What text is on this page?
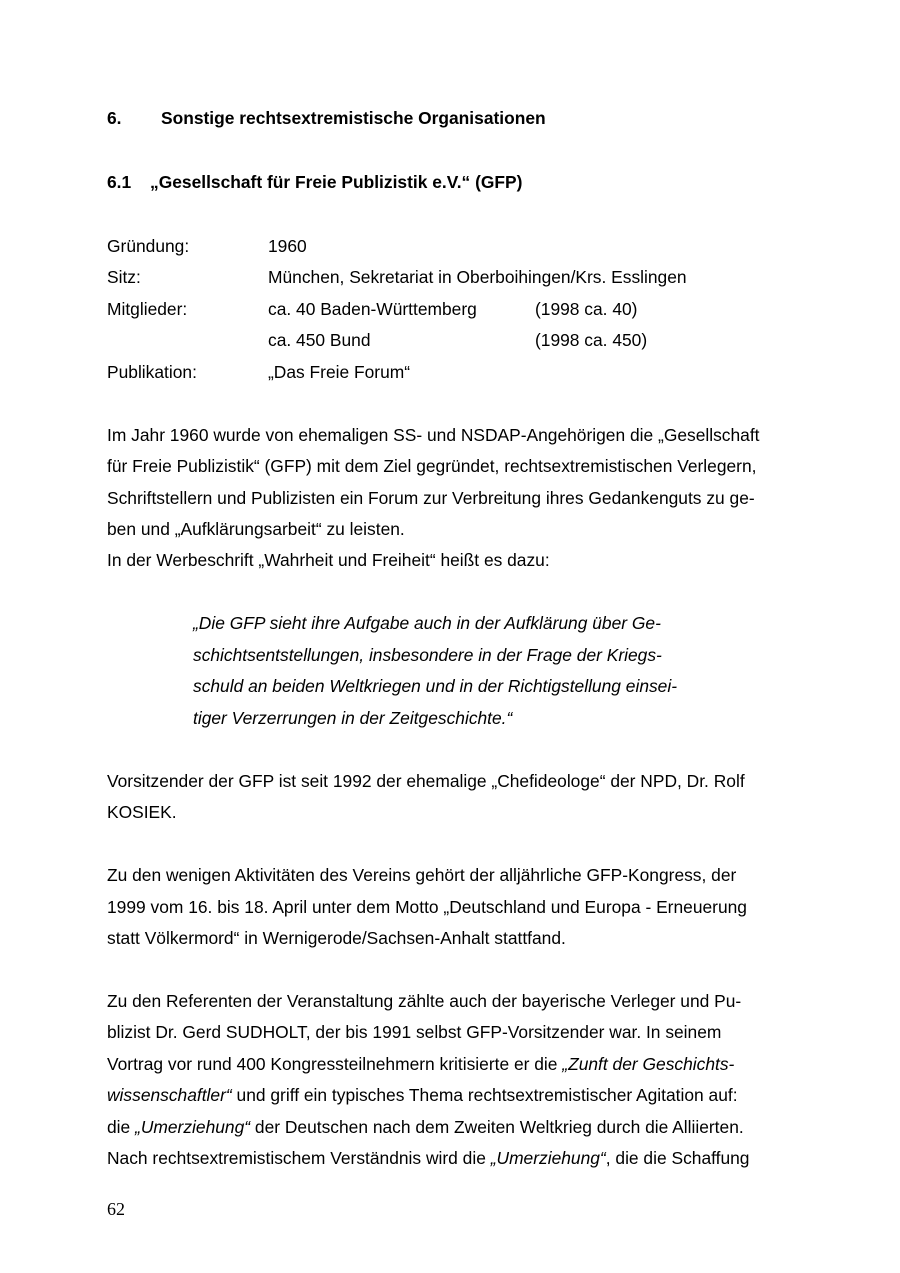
6. Sonstige rechtsextremistische Organisationen
6.1 „Gesellschaft für Freie Publizistik e.V.“ (GFP)
Gründung:	1960
Sitz:	München, Sekretariat in Oberboihingen/Krs. Esslingen
Mitglieder:	ca. 40 Baden-Württemberg	(1998 ca. 40)
ca. 450 Bund	(1998 ca. 450)
Publikation:	„Das Freie Forum“
Im Jahr 1960 wurde von ehemaligen SS- und NSDAP-Angehörigen die „Gesellschaft
für Freie Publizistik“ (GFP) mit dem Ziel gegründet, rechtsextremistischen Verlegern,
Schriftstellern und Publizisten ein Forum zur Verbreitung ihres Gedankenguts zu ge-
ben und „Aufklärungsarbeit“ zu leisten.
In der Werbeschrift „Wahrheit und Freiheit“ heißt es dazu:
„Die GFP sieht ihre Aufgabe auch in der Aufklärung über Ge-
schichtsentstellungen, insbesondere in der Frage der Kriegs-
schuld an beiden Weltkriegen und in der Richtigstellung einsei-
tiger Verzerrungen in der Zeitgeschichte.“
Vorsitzender der GFP ist seit 1992 der ehemalige „Chefideologe“ der NPD, Dr. Rolf
KOSIEK.
Zu den wenigen Aktivitäten des Vereins gehört der alljährliche GFP-Kongress, der
1999 vom 16. bis 18. April unter dem Motto „Deutschland und Europa - Erneuerung
statt Völkermord“ in Wernigerode/Sachsen-Anhalt stattfand.
Zu den Referenten der Veranstaltung zählte auch der bayerische Verleger und Pu-
blizist Dr. Gerd SUDHOLT, der bis 1991 selbst GFP-Vorsitzender war. In seinem
Vortrag vor rund 400 Kongressteilnehmern kritisierte er die „Zunft der Geschichts-
wissenschaftler“ und griff ein typisches Thema rechtsextremistischer Agitation auf:
die „Umerziehung“ der Deutschen nach dem Zweiten Weltkrieg durch die Alliierten.
Nach rechtsextremistischem Verständnis wird die „Umerziehung“, die die Schaffung
62
